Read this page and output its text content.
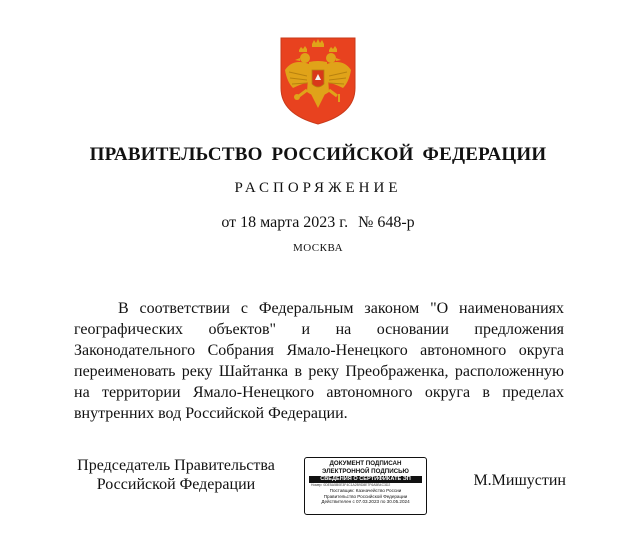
ПРАВИТЕЛЬСТВО РОССИЙСКОЙ ФЕДЕРАЦИИ
РАСПОРЯЖЕНИЕ
от 18 марта 2023 г. № 648-р
МОСКВА
В соответствии с Федеральным законом "О наименованиях географических объектов" и на основании предложения Законодательного Собрания Ямало-Ненецкого автономного округа переименовать реку Шайтанка в реку Преображенка, расположенную на территории Ямало-Ненецкого автономного округа в пределах внутренних вод Российской Федерации.
Председатель Правительства
Российской Федерации
ДОКУМЕНТ ПОДПИСАН
ЭЛЕКТРОННОЙ ПОДПИСЬЮ
СВЕДЕНИЯ О СЕРТИФИКАТЕ ЭП
Номер: 0DE5A5B0E3F4C1A2B9D8E7F6A5B4C3D2
Поставщик: Казначейство России
Правительство Российской Федерации
Действителен с 07.03.2023 по 30.05.2024
М.Мишустин
